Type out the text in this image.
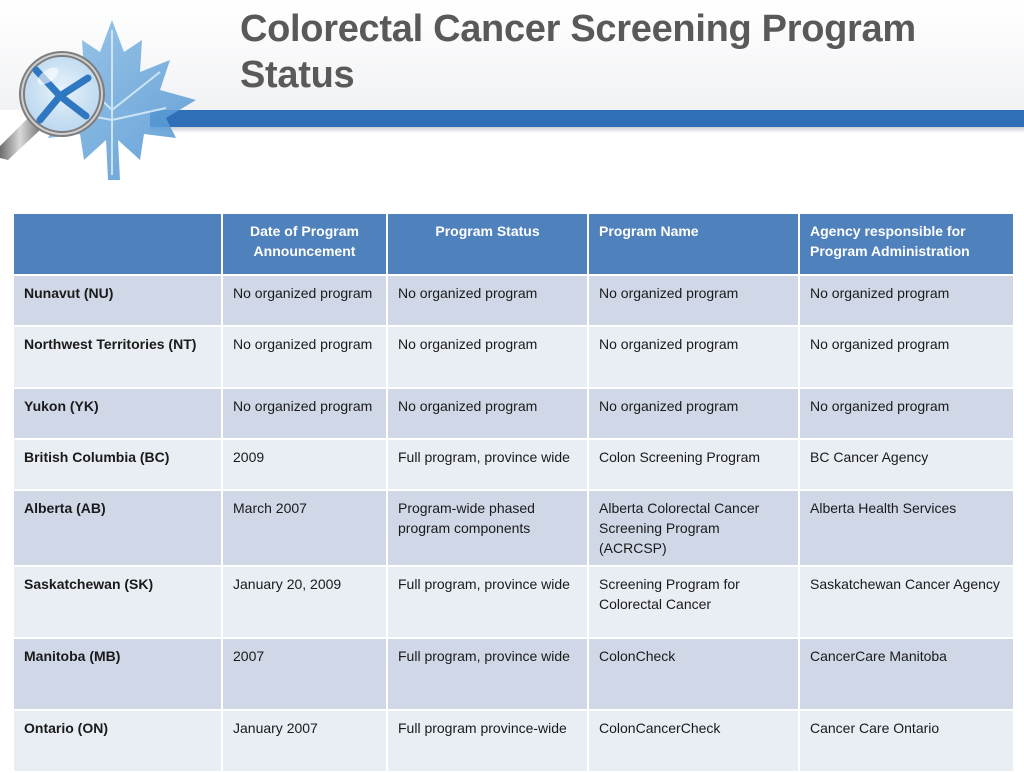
Colorectal Cancer Screening Program Status
	Date of Program Announcement	Program Status	Program Name	Agency responsible for Program Administration
Nunavut (NU)	No organized program	No organized program	No organized program	No organized program
Northwest Territories (NT)	No organized program	No organized program	No organized program	No organized program
Yukon (YK)	No organized program	No organized program	No organized program	No organized program
British Columbia (BC)	2009	Full program, province wide	Colon Screening Program	BC Cancer Agency
Alberta (AB)	March 2007	Program-wide phased program components	Alberta Colorectal Cancer Screening Program (ACRCSP)	Alberta Health Services
Saskatchewan (SK)	January 20, 2009	Full program, province wide	Screening Program for Colorectal Cancer	Saskatchewan Cancer Agency
Manitoba (MB)	2007	Full program, province wide	ColonCheck	CancerCare Manitoba
Ontario (ON)	January 2007	Full program province-wide	ColonCancerCheck	Cancer Care Ontario
